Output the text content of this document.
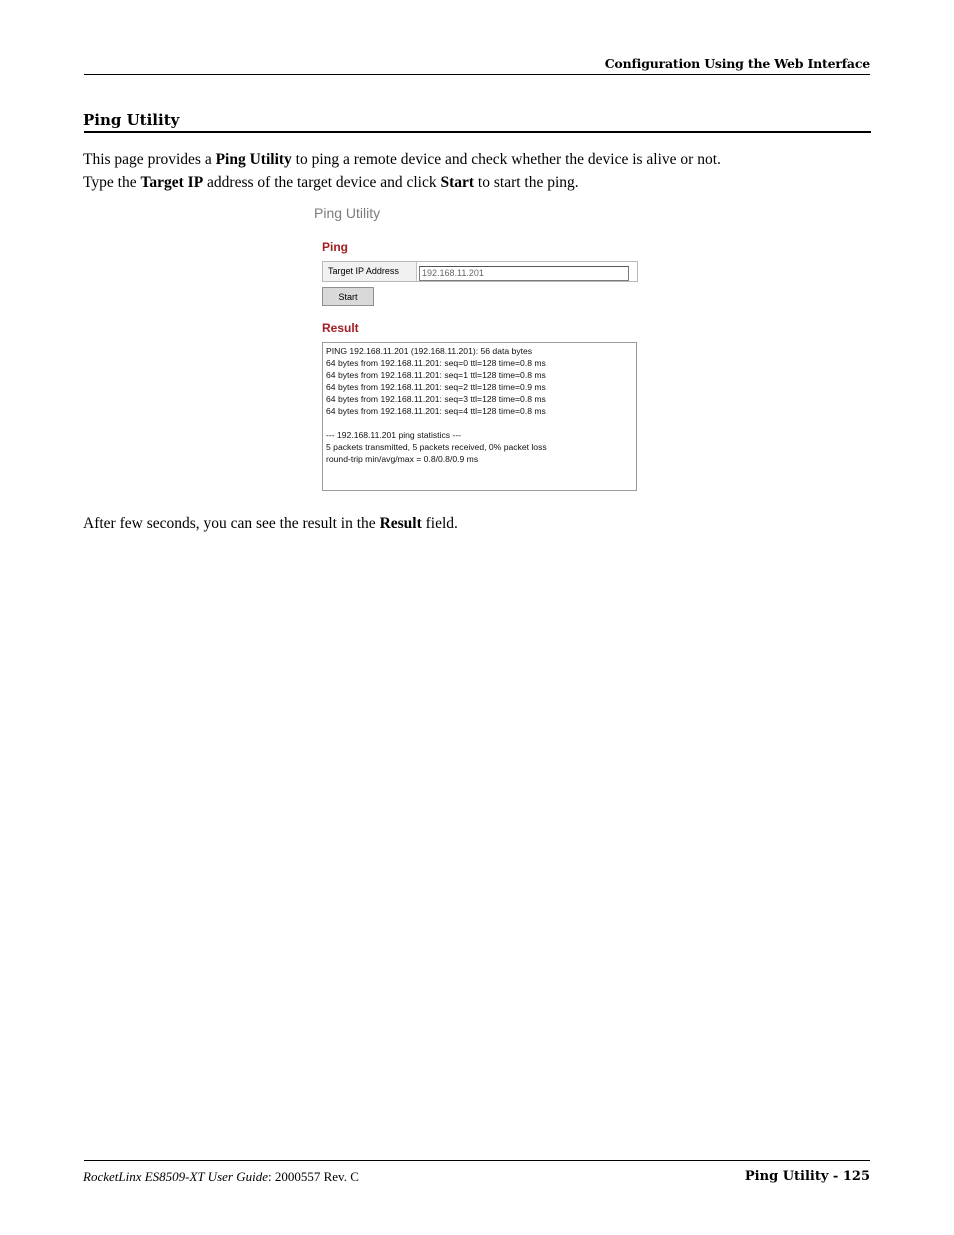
Configuration Using the Web Interface
Ping Utility
This page provides a Ping Utility to ping a remote device and check whether the device is alive or not.
Type the Target IP address of the target device and click Start to start the ping.
Ping Utility
Ping
Target IP Address
192.168.11.201
Start
Result
PING 192.168.11.201 (192.168.11.201): 56 data bytes
64 bytes from 192.168.11.201: seq=0 ttl=128 time=0.8 ms
64 bytes from 192.168.11.201: seq=1 ttl=128 time=0.8 ms
64 bytes from 192.168.11.201: seq=2 ttl=128 time=0.9 ms
64 bytes from 192.168.11.201: seq=3 ttl=128 time=0.8 ms
64 bytes from 192.168.11.201: seq=4 ttl=128 time=0.8 ms
--- 192.168.11.201 ping statistics ---
5 packets transmitted, 5 packets received, 0% packet loss
round-trip min/avg/max = 0.8/0.8/0.9 ms
After few seconds, you can see the result in the Result field.
RocketLinx ES8509-XT User Guide: 2000557 Rev. C	Ping Utility - 125
